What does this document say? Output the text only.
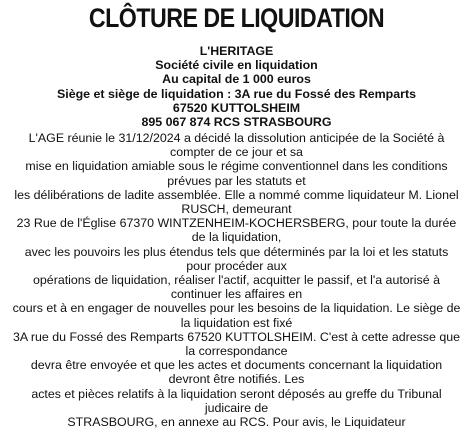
CLÔTURE DE LIQUIDATION
L'HERITAGE
Société civile en liquidation
Au capital de 1 000 euros
Siège et siège de liquidation : 3A rue du Fossé des Remparts
67520 KUTTOLSHEIM
895 067 874 RCS STRASBOURG
L'AGE réunie le 31/12/2024 a décidé la dissolution anticipée de la Société à
compter de ce jour et sa
mise en liquidation amiable sous le régime conventionnel dans les conditions
prévues par les statuts et
les délibérations de ladite assemblée. Elle a nommé comme liquidateur M. Lionel
RUSCH, demeurant
23 Rue de l'Église 67370 WINTZENHEIM-KOCHERSBERG, pour toute la durée
de la liquidation,
avec les pouvoirs les plus étendus tels que déterminés par la loi et les statuts
pour procéder aux
opérations de liquidation, réaliser l'actif, acquitter le passif, et l'a autorisé à
continuer les affaires en
cours et à en engager de nouvelles pour les besoins de la liquidation. Le siège de
la liquidation est fixé
3A rue du Fossé des Remparts 67520 KUTTOLSHEIM. C'est à cette adresse que
la correspondance
devra être envoyée et que les actes et documents concernant la liquidation
devront être notifiés. Les
actes et pièces relatifs à la liquidation seront déposés au greffe du Tribunal
judicaire de
STRASBOURG, en annexe au RCS. Pour avis, le Liquidateur
